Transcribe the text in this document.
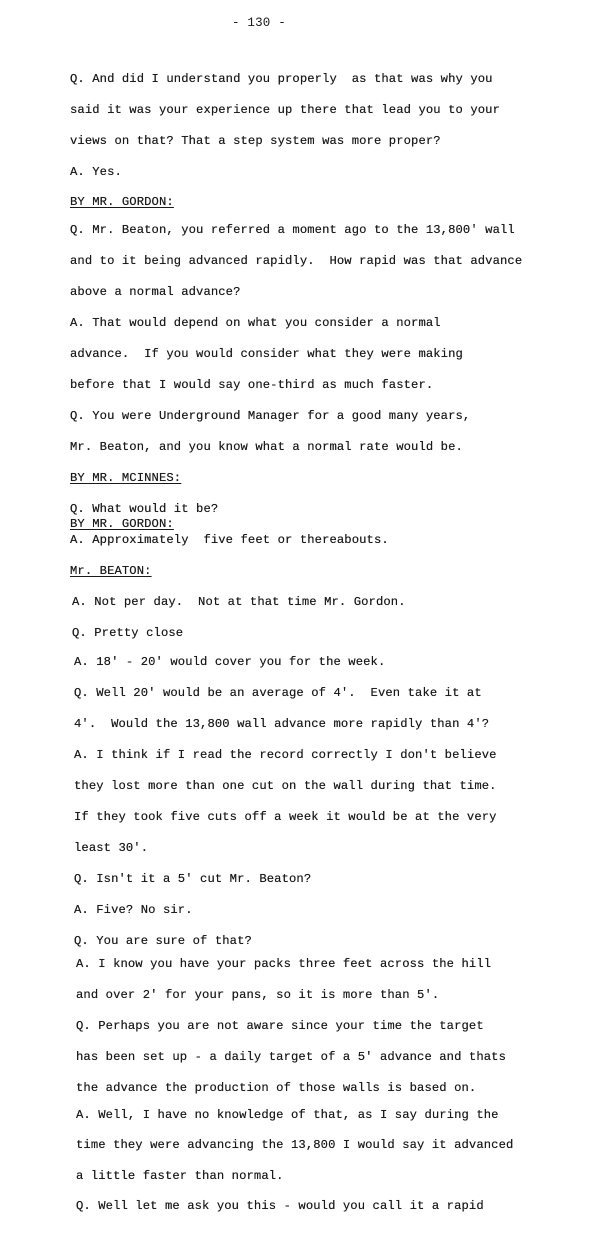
- 130 -
Q. And did I understand you properly  as that was why you
said it was your experience up there that lead you to your
views on that? That a step system was more proper?
A. Yes.
BY MR. GORDON:
Q. Mr. Beaton, you referred a moment ago to the 13,800' wall
and to it being advanced rapidly.  How rapid was that advance
above a normal advance?
A. That would depend on what you consider a normal
advance.  If you would consider what they were making
before that I would say one-third as much faster.
Q. You were Underground Manager for a good many years,
Mr. Beaton, and you know what a normal rate would be.
BY MR. MCINNES:
Q. What would it be?
BY MR. GORDON:
A. Approximately  five feet or thereabouts.
Mr. BEATON:
A. Not per day.  Not at that time Mr. Gordon.
Q. Pretty close
A. 18' - 20' would cover you for the week.
Q. Well 20' would be an average of 4'.  Even take it at
4'.  Would the 13,800 wall advance more rapidly than 4'?
A. I think if I read the record correctly I don't believe
they lost more than one cut on the wall during that time.
If they took five cuts off a week it would be at the very
least 30'.
Q. Isn't it a 5' cut Mr. Beaton?
A. Five? No sir.
Q. You are sure of that?
A. I know you have your packs three feet across the hill
and over 2' for your pans, so it is more than 5'.
Q. Perhaps you are not aware since your time the target
has been set up - a daily target of a 5' advance and thats
the advance the production of those walls is based on.
A. Well, I have no knowledge of that, as I say during the
time they were advancing the 13,800 I would say it advanced
a little faster than normal.
Q. Well let me ask you this - would you call it a rapid
